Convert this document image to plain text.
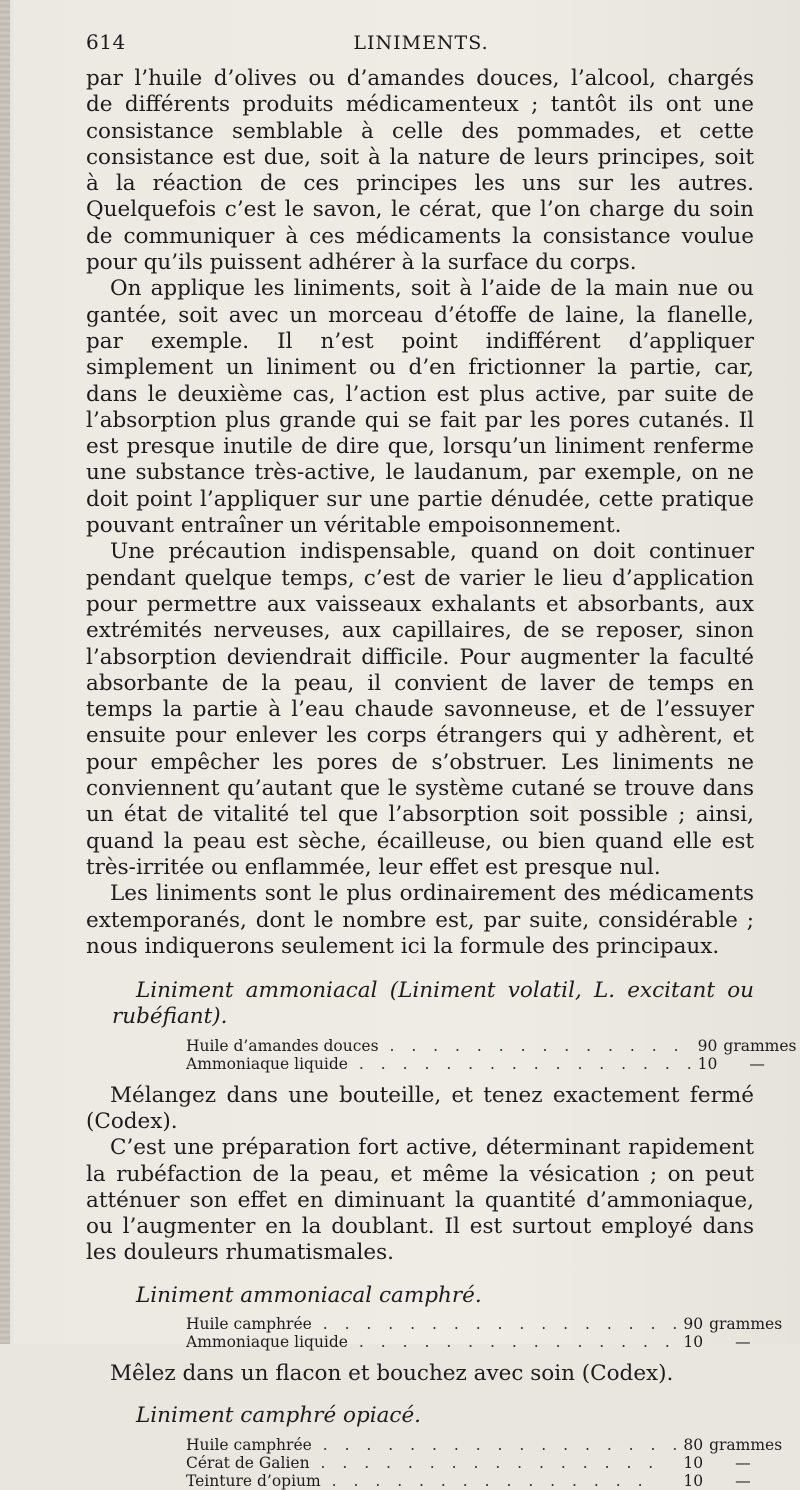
614	LINIMENTS.

par l’huile d’olives ou d’amandes douces, l’alcool, chargés de différents produits médicamenteux ; tantôt ils ont une consistance semblable à celle des pommades, et cette consistance est due, soit à la nature de leurs principes, soit à la réaction de ces principes les uns sur les autres. Quelquefois c’est le savon, le cérat, que l’on charge du soin de communiquer à ces médicaments la consistance voulue pour qu’ils puissent adhérer à la surface du corps.

On applique les liniments, soit à l’aide de la main nue ou gantée, soit avec un morceau d’étoffe de laine, la flanelle, par exemple. Il n’est point indifférent d’appliquer simplement un liniment ou d’en frictionner la partie, car, dans le deuxième cas, l’action est plus active, par suite de l’absorption plus grande qui se fait par les pores cutanés. Il est presque inutile de dire que, lorsqu’un liniment renferme une substance très-active, le laudanum, par exemple, on ne doit point l’appliquer sur une partie dénudée, cette pratique pouvant entraîner un véritable empoisonnement.

Une précaution indispensable, quand on doit continuer pendant quelque temps, c’est de varier le lieu d’application pour permettre aux vaisseaux exhalants et absorbants, aux extrémités nerveuses, aux capillaires, de se reposer, sinon l’absorption deviendrait difficile. Pour augmenter la faculté absorbante de la peau, il convient de laver de temps en temps la partie à l’eau chaude savonneuse, et de l’essuyer ensuite pour enlever les corps étrangers qui y adhèrent, et pour empêcher les pores de s’obstruer. Les liniments ne conviennent qu’autant que le système cutané se trouve dans un état de vitalité tel que l’absorption soit possible ; ainsi, quand la peau est sèche, écailleuse, ou bien quand elle est très-irritée ou enflammée, leur effet est presque nul.

Les liniments sont le plus ordinairement des médicaments extemporanés, dont le nombre est, par suite, considérable ; nous indiquerons seulement ici la formule des principaux.

Liniment ammoniacal (Liniment volatil, L. excitant ou rubéfiant).

Huile d’amandes douces . . . . . . . . . . . . . .	90	grammes
Ammoniaque liquide . . . . . . . . . . . . . . . .	10	—

Mélangez dans une bouteille, et tenez exactement fermé (Codex).

C’est une préparation fort active, déterminant rapidement la rubéfaction de la peau, et même la vésication ; on peut atténuer son effet en diminuant la quantité d’ammoniaque, ou l’augmenter en la doublant. Il est surtout employé dans les douleurs rhumatismales.

Liniment ammoniacal camphré.

Huile camphrée . . . . . . . . . . . . . . . . .	90	grammes
Ammoniaque liquide . . . . . . . . . . . . . . .	10	—

Mêlez dans un flacon et bouchez avec soin (Codex).

Liniment camphré opiacé.

Huile camphrée . . . . . . . . . . . . . . . . .	80	grammes
Cérat de Galien . . . . . . . . . . . . . . . .	10	—
Teinture d’opium . . . . . . . . . . . . . . .	10	—
